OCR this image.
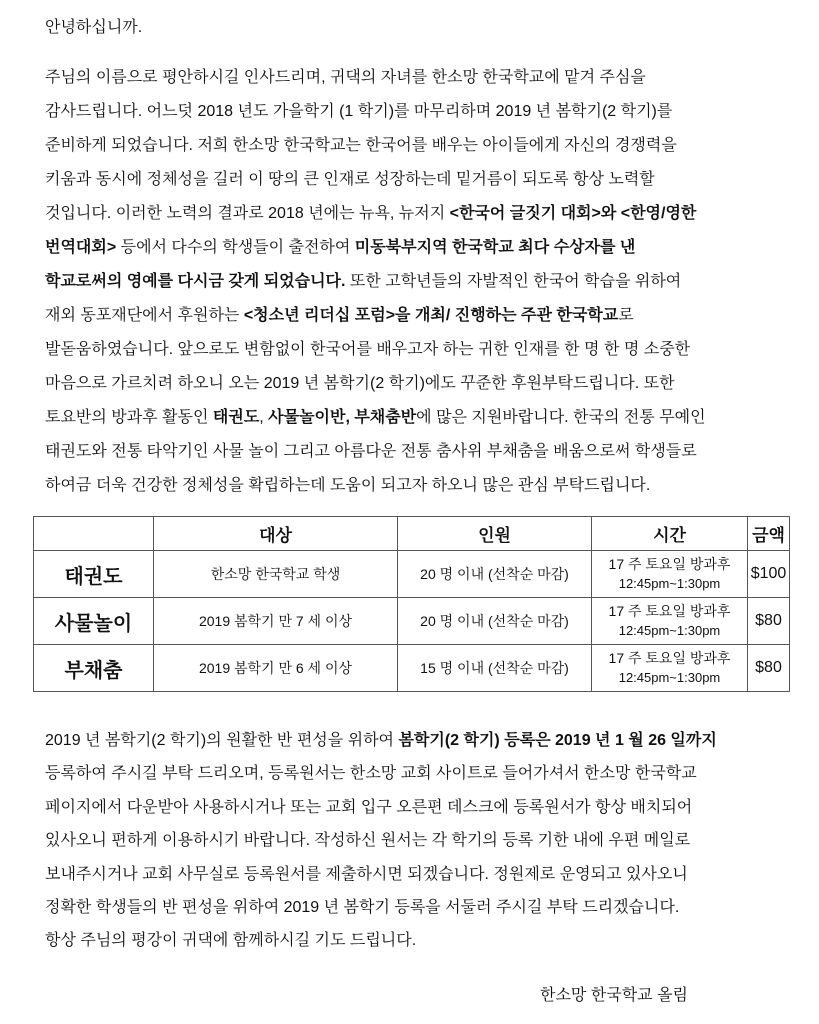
안녕하십니까.
주님의 이름으로 평안하시길 인사드리며, 귀댁의 자녀를 한소망 한국학교에 맡겨 주심을
감사드립니다. 어느덧 2018 년도 가을학기 (1 학기)를 마무리하며 2019 년 봄학기(2 학기)를
준비하게 되었습니다. 저희 한소망 한국학교는 한국어를 배우는 아이들에게 자신의 경쟁력을
키움과 동시에 정체성을 길러 이 땅의 큰 인재로 성장하는데 밑거름이 되도록 항상 노력할
것입니다. 이러한 노력의 결과로 2018 년에는 뉴욕, 뉴저지 <한국어 글짓기 대회>와 <한영/영한
번역대회> 등에서 다수의 학생들이 출전하여 미동북부지역 한국학교 최다 수상자를 낸
학교로써의 영예를 다시금 갖게 되었습니다. 또한 고학년들의 자발적인 한국어 학습을 위하여
재외 동포재단에서 후원하는 <청소년 리더십 포럼>을 개최/ 진행하는 주관 한국학교로
발돋움하였습니다. 앞으로도 변함없이 한국어를 배우고자 하는 귀한 인재를 한 명 한 명 소중한
마음으로 가르치려 하오니 오는 2019 년 봄학기(2 학기)에도 꾸준한 후원부탁드립니다. 또한
토요반의 방과후 활동인 태권도, 사물놀이반, 부채춤반에 많은 지원바랍니다. 한국의 전통 무예인
태권도와 전통 타악기인 사물 놀이 그리고 아름다운 전통 춤사위 부채춤을 배움으로써 학생들로
하여금 더욱 건강한 정체성을 확립하는데 도움이 되고자 하오니 많은 관심 부탁드립니다.
	대상	인원	시간	금액
태권도	한소망 한국학교 학생	20 명 이내 (선착순 마감)	17 주 토요일 방과후
12:45pm~1:30pm	$100
사물놀이	2019 봄학기 만 7 세 이상	20 명 이내 (선착순 마감)	17 주 토요일 방과후
12:45pm~1:30pm	$80
부채춤	2019 봄학기 만 6 세 이상	15 명 이내 (선착순 마감)	17 주 토요일 방과후
12:45pm~1:30pm	$80
2019 년 봄학기(2 학기)의 원활한 반 편성을 위하여 봄학기(2 학기) 등록은 2019 년 1 월 26 일까지
등록하여 주시길 부탁 드리오며, 등록원서는 한소망 교회 사이트로 들어가셔서 한소망 한국학교
페이지에서 다운받아 사용하시거나 또는 교회 입구 오른편 데스크에 등록원서가 항상 배치되어
있사오니 편하게 이용하시기 바랍니다. 작성하신 원서는 각 학기의 등록 기한 내에 우편 메일로
보내주시거나 교회 사무실로 등록원서를 제출하시면 되겠습니다. 정원제로 운영되고 있사오니
정확한 학생들의 반 편성을 위하여 2019 년 봄학기 등록을 서둘러 주시길 부탁 드리겠습니다.
항상 주님의 평강이 귀댁에 함께하시길 기도 드립니다.
한소망 한국학교 올림
